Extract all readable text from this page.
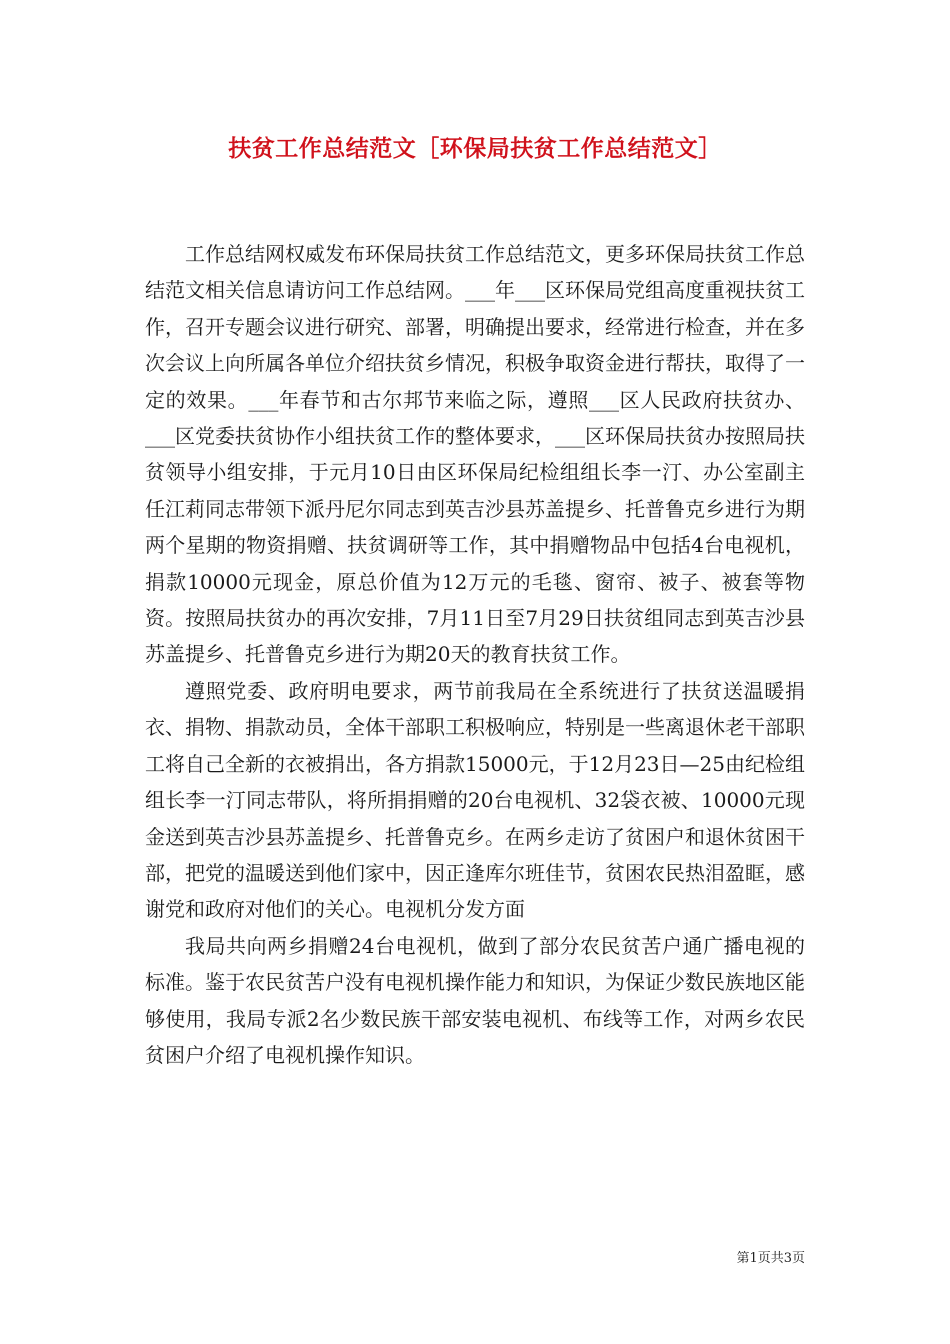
扶贫工作总结范文［环保局扶贫工作总结范文］

工作总结网权威发布环保局扶贫工作总结范文，更多环保局扶贫工作总结范文相关信息请访问工作总结网。___年___区环保局党组高度重视扶贫工作，召开专题会议进行研究、部署，明确提出要求，经常进行检查，并在多次会议上向所属各单位介绍扶贫乡情况，积极争取资金进行帮扶，取得了一定的效果。___年春节和古尔邦节来临之际，遵照___区人民政府扶贫办、___区党委扶贫协作小组扶贫工作的整体要求，___区环保局扶贫办按照局扶贫领导小组安排，于元月10日由区环保局纪检组组长李一汀、办公室副主任江莉同志带领下派丹尼尔同志到英吉沙县苏盖提乡、托普鲁克乡进行为期两个星期的物资捐赠、扶贫调研等工作，其中捐赠物品中包括4台电视机，捐款10000元现金，原总价值为12万元的毛毯、窗帘、被子、被套等物资。按照局扶贫办的再次安排，7月11日至7月29日扶贫组同志到英吉沙县苏盖提乡、托普鲁克乡进行为期20天的教育扶贫工作。

遵照党委、政府明电要求，两节前我局在全系统进行了扶贫送温暖捐衣、捐物、捐款动员，全体干部职工积极响应，特别是一些离退休老干部职工将自己全新的衣被捐出，各方捐款15000元，于12月23日—25由纪检组组长李一汀同志带队，将所捐捐赠的20台电视机、32袋衣被、10000元现金送到英吉沙县苏盖提乡、托普鲁克乡。在两乡走访了贫困户和退休贫困干部，把党的温暖送到他们家中，因正逢库尔班佳节，贫困农民热泪盈眶，感谢党和政府对他们的关心。电视机分发方面

我局共向两乡捐赠24台电视机，做到了部分农民贫苦户通广播电视的标准。鉴于农民贫苦户没有电视机操作能力和知识，为保证少数民族地区能够使用，我局专派2名少数民族干部安装电视机、布线等工作，对两乡农民贫困户介绍了电视机操作知识。

第1页共3页
